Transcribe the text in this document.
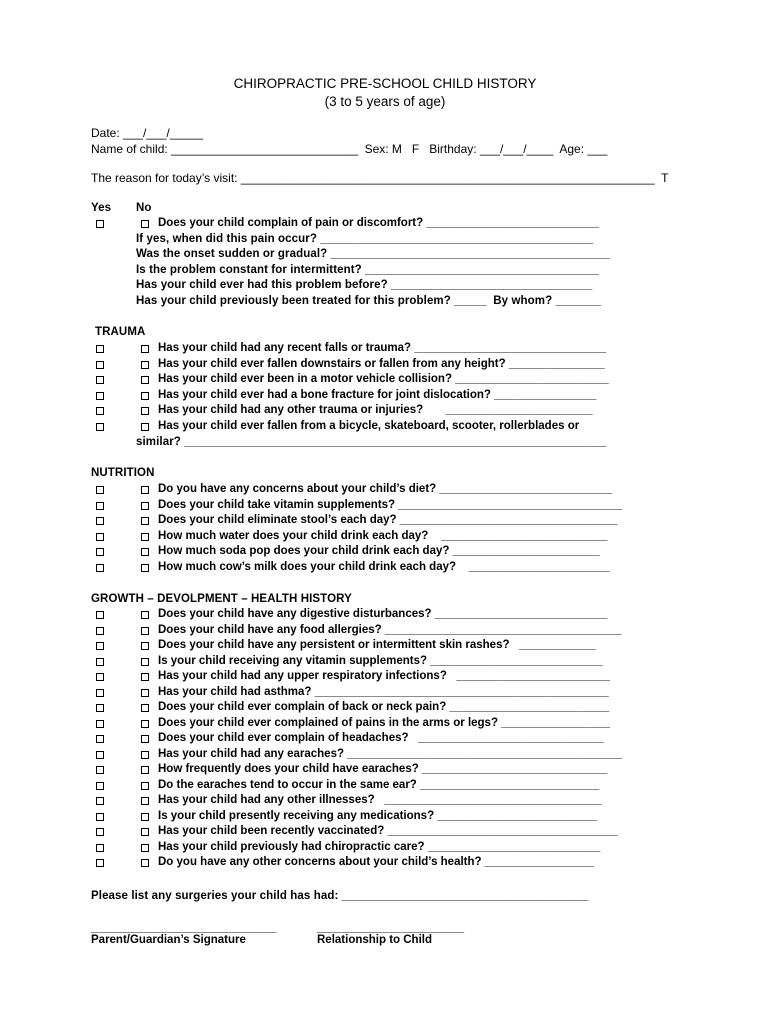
CHIROPRACTIC PRE-SCHOOL CHILD HISTORY
(3 to 5 years of age)
Date: ___/___/_____
Name of child: ____________________________  Sex: M   F   Birthday: ___/___/____  Age: ___
The reason for today’s visit: ______________________________________________________________  T
Yes No
Does your child complain of pain or discomfort? ___________________________
If yes, when did this pain occur? __________________________________________
Was the onset sudden or gradual? ___________________________________________
Is the problem constant for intermittent? ____________________________________
Has your child ever had this problem before? _______________________________
Has your child previously been treated for this problem? _____  By whom? _______
TRAUMA
Has your child had any recent falls or trauma? ______________________________
Has your child ever fallen downstairs or fallen from any height? _______________
Has your child ever been in a motor vehicle collision? ________________________
Has your child ever had a bone fracture for joint dislocation? ________________
Has your child had any other trauma or injuries?       _______________________
Has your child ever fallen from a bicycle, skateboard, scooter, rollerblades or
similar? _________________________________________________________________
NUTRITION
Do you have any concerns about your child’s diet? ___________________________
Does your child take vitamin supplements? ___________________________________
Does your child eliminate stool’s each day? __________________________________
How much water does your child drink each day?    __________________________
How much soda pop does your child drink each day? _______________________
How much cow’s milk does your child drink each day?    ______________________
GROWTH – DEVOLPMENT – HEALTH HISTORY
Does your child have any digestive disturbances? ___________________________
Does your child have any food allergies? _____________________________________
Does your child have any persistent or intermittent skin rashes?   ____________
Is your child receiving any vitamin supplements? ___________________________
Has your child had any upper respiratory infections?   ________________________
Has your child had asthma? ______________________________________________
Does your child ever complain of back or neck pain? _________________________
Does your child ever complained of pains in the arms or legs? _________________
Does your child ever complain of headaches?   _____________________________
Has your child had any earaches? ___________________________________________
How frequently does your child have earaches? _____________________________
Do the earaches tend to occur in the same ear? ____________________________
Has your child had any other illnesses?   __________________________________
Is your child presently receiving any medications? _________________________
Has your child been recently vaccinated? ____________________________________
Has your child previously had chiropractic care? ___________________________
Do you have any other concerns about your child’s health? _________________
Please list any surgeries your child has had: ______________________________________
_____________________________
Parent/Guardian’s Signature
_______________________
Relationship to Child
